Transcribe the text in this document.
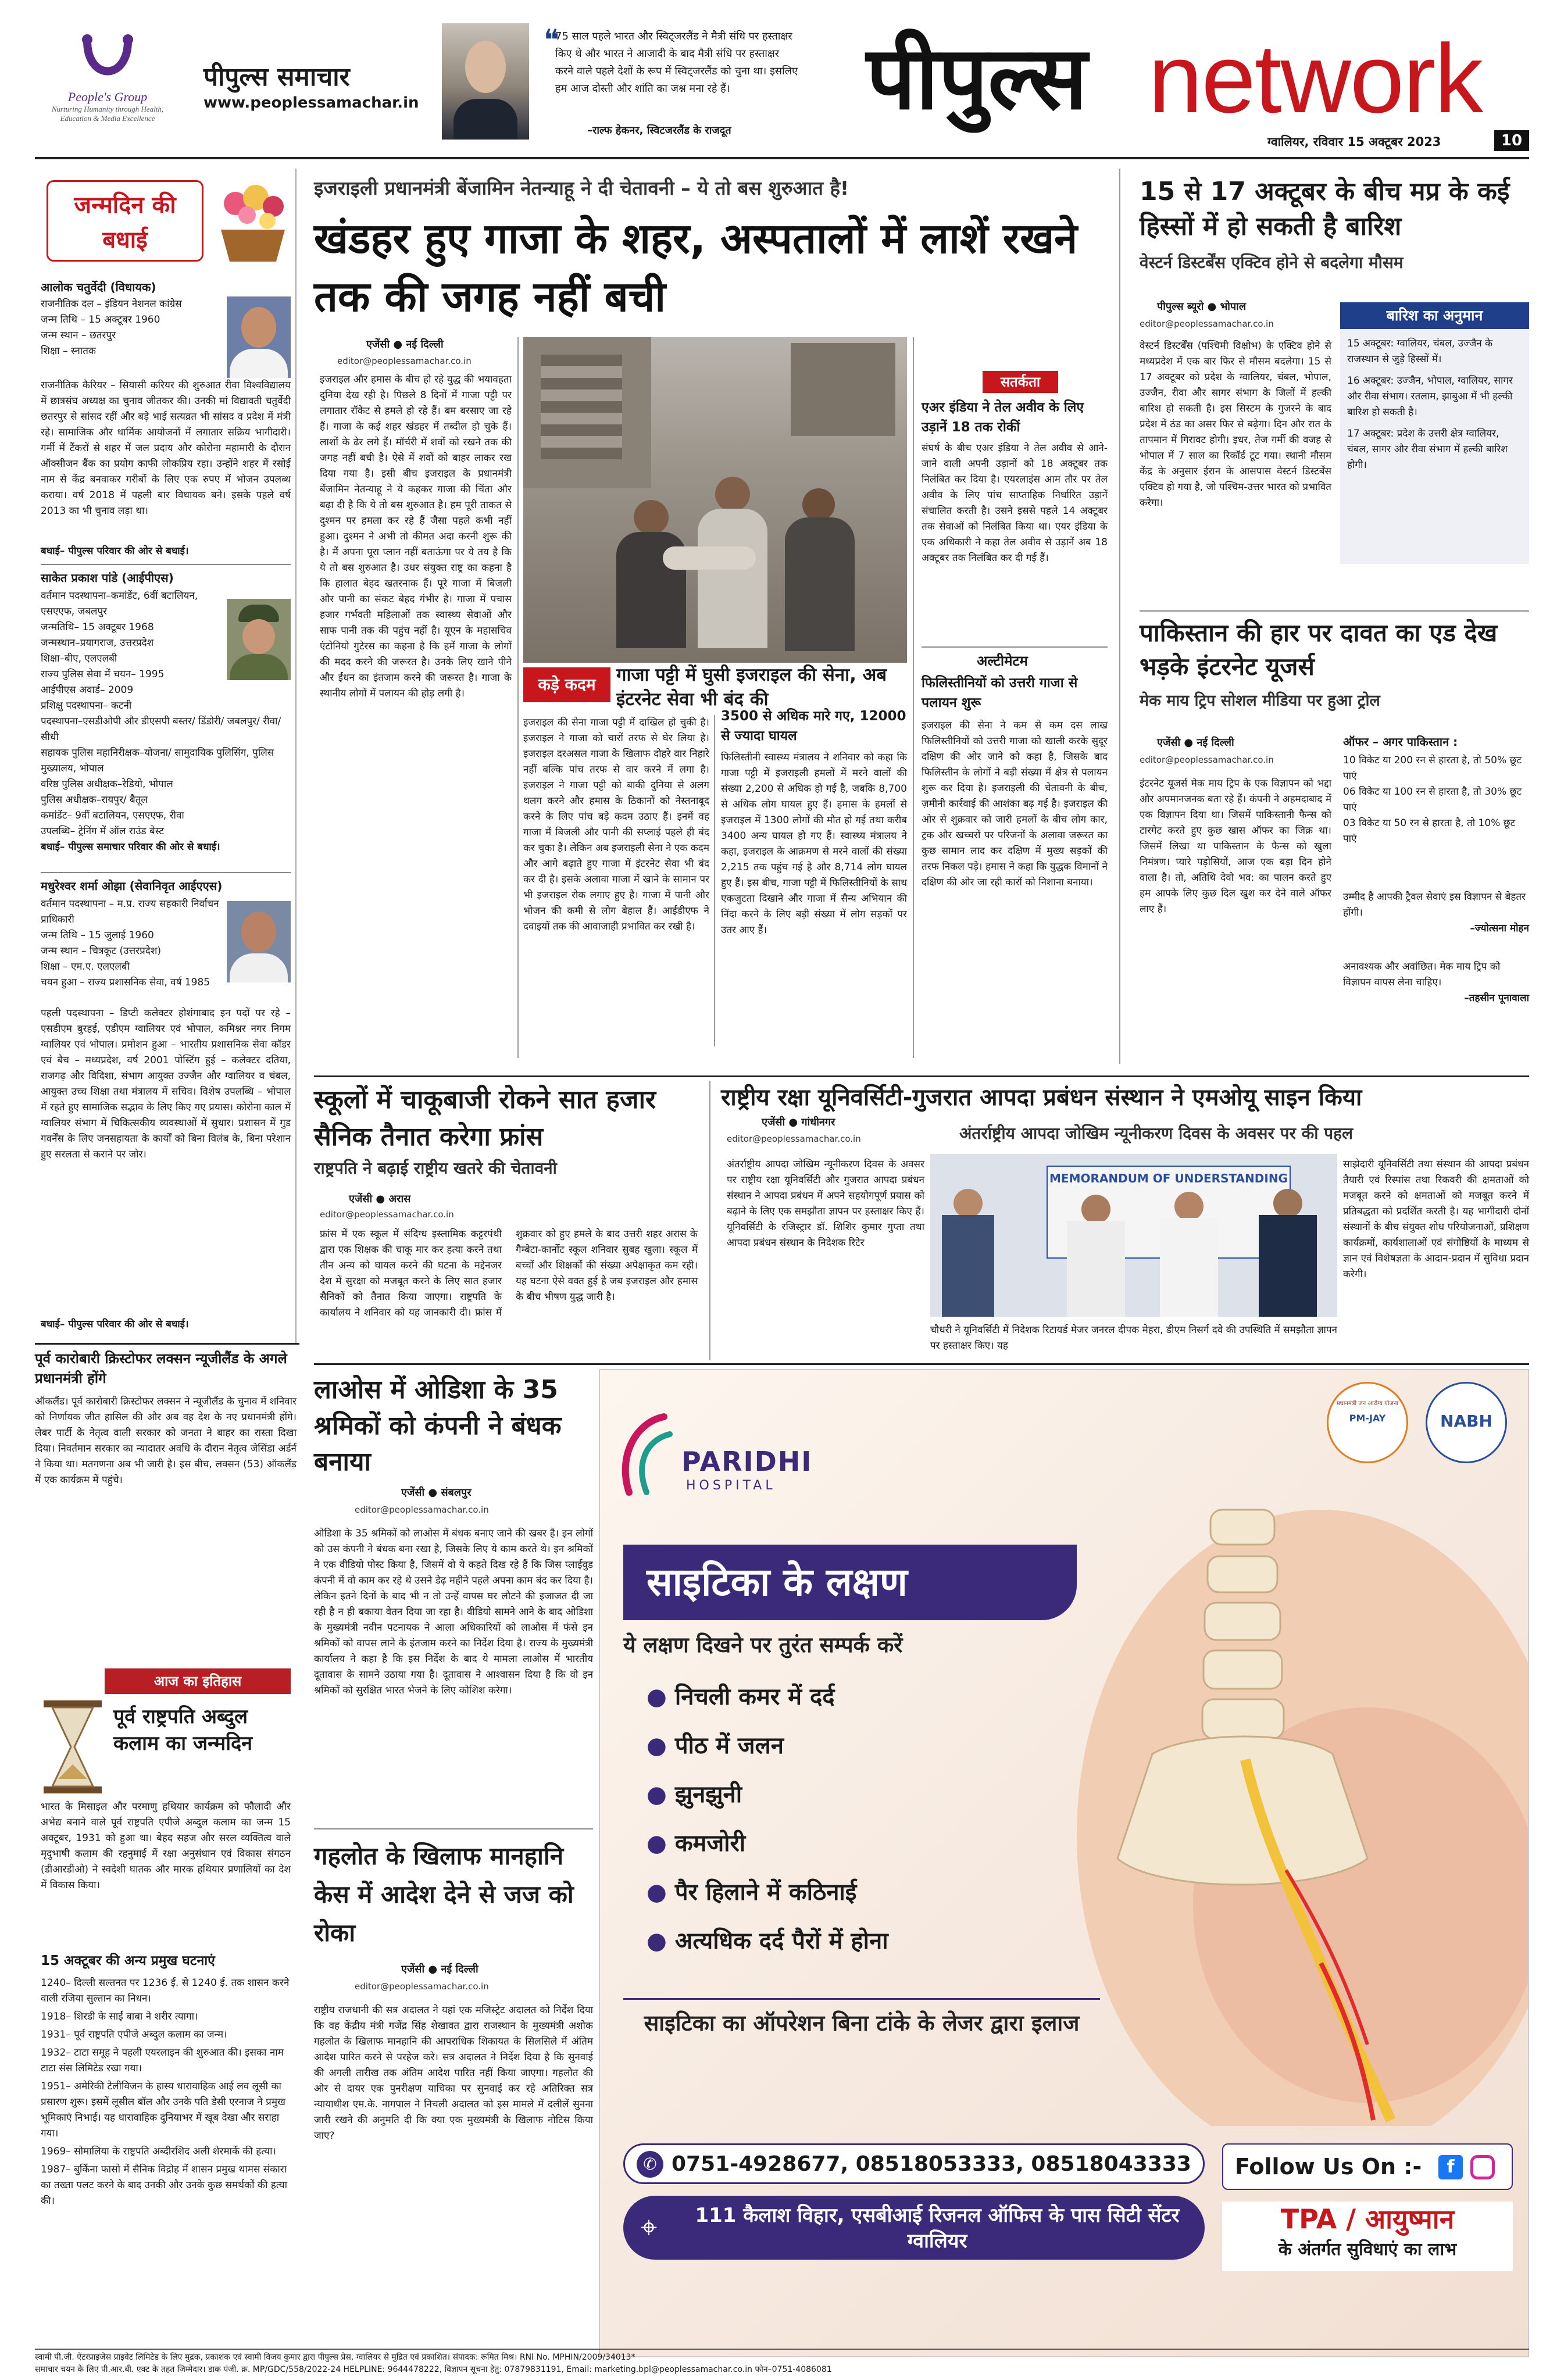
People's Group
Nurturing Humanity through Health, Education & Media Excellence
पीपुल्स समाचार
www.peoplessamachar.in
❝
75 साल पहले भारत और स्विट्जरलैंड ने मैत्री संधि पर हस्ताक्षर किए थे और भारत ने आजादी के बाद मैत्री संधि पर हस्ताक्षर करने वाले पहले देशों के रूप में स्विट्जरलैंड को चुना था। इसलिए हम आज दोस्ती और शांति का जश्न मना रहे हैं।
–राल्फ हेकनर, स्विटजरलैंड के राजदूत
पीपुल्स network
ग्वालियर, रविवार 15 अक्टूबर 2023	10
जन्मदिन की बधाई
आलोक चतुर्वेदी (विधायक)
राजनीतिक दल – इंडियन नेशनल कांग्रेस
जन्म तिथि – 15 अक्टूबर 1960
जन्म स्थान – छतरपुर
शिक्षा – स्नातक
राजनीतिक कैरियर – सियासी करियर की शुरुआत रीवा विश्वविद्यालय में छात्रसंघ अध्यक्ष का चुनाव जीतकर की। उनकी मां विद्यावती चतुर्वेदी छतरपुर से सांसद रहीं और बड़े भाई सत्यव्रत भी सांसद व प्रदेश में मंत्री रहे। सामाजिक और धार्मिक आयोजनों में लगातार सक्रिय भागीदारी। गर्मी में टैंकरों से शहर में जल प्रदाय और कोरोना महामारी के दौरान ऑक्सीजन बैंक का प्रयोग काफी लोकप्रिय रहा। उन्होंने शहर में रसोई नाम से केंद्र बनवाकर गरीबों के लिए एक रुपए में भोजन उपलब्ध कराया। वर्ष 2018 में पहली बार विधायक बने। इसके पहले वर्ष 2013 का भी चुनाव लड़ा था।
बधाई– पीपुल्स परिवार की ओर से बधाई।
साकेत प्रकाश पांडे (आईपीएस)
वर्तमान पदस्थापना–कमांडेंट, 6वीं बटालियन, एसएएफ, जबलपुर
जन्मतिथि– 15 अक्टूबर 1968
जन्मस्थान–प्रयागराज, उत्तरप्रदेश
शिक्षा–बीए, एलएलबी
राज्य पुलिस सेवा में चयन– 1995
आईपीएस अवार्ड– 2009
प्रशिक्षु पदस्थापना– कटनी
पदस्थापना–एसडीओपी और डीएसपी बस्तर/ डिंडोरी/ जबलपुर/ रीवा/ सीधी
सहायक पुलिस महानिरीक्षक–योजना/ सामुदायिक पुलिसिंग, पुलिस मुख्यालय, भोपाल
वरिष्ठ पुलिस अधीक्षक–रेडियो, भोपाल
पुलिस अधीक्षक–रायपुर/ बैतूल
कमांडेंट– 9वीं बटालियन, एसएएफ, रीवा
उपलब्धि– ट्रेनिंग में ऑल राउंड बेस्ट
बधाई– पीपुल्स समाचार परिवार की ओर से बधाई।
मधुरेश्वर शर्मा ओझा (सेवानिवृत आईएएस)
वर्तमान पदस्थापना – म.प्र. राज्य सहकारी निर्वाचन प्राधिकारी
जन्म तिथि – 15 जुलाई 1960
जन्म स्थान – चित्रकूट (उत्तरप्रदेश)
शिक्षा – एम.ए. एलएलबी
चयन हुआ – राज्य प्रशासनिक सेवा, वर्ष 1985
पहली पदस्थापना – डिप्टी कलेक्टर होशंगाबाद इन पदों पर रहे – एसडीएम बुरहई, एडीएम ग्वालियर एवं भोपाल, कमिश्नर नगर निगम ग्वालियर एवं भोपाल। प्रमोशन हुआ – भारतीय प्रशासनिक सेवा कॉडर एवं बैच – मध्यप्रदेश, वर्ष 2001 पोस्टिंग हुई – कलेक्टर दतिया, राजगढ़ और विदिशा, संभाग आयुक्त उज्जैन और ग्वालियर व चंबल, आयुक्त उच्च शिक्षा तथा मंत्रालय में सचिव। विशेष उपलब्धि – भोपाल में रहते हुए सामाजिक सद्भाव के लिए किए गए प्रयास। कोरोना काल में ग्वालियर संभाग में चिकित्सकीय व्यवस्थाओं में सुधार। प्रशासन में गुड गवर्नेंस के लिए जनसहायता के कार्यों को बिना विलंब के, बिना परेशान हुए सरलता से कराने पर जोर।
बधाई– पीपुल्स परिवार की ओर से बधाई।
पूर्व कारोबारी क्रिस्टोफर लक्सन न्यूजीलैंड के अगले प्रधानमंत्री होंगे
ऑकलैंड। पूर्व कारोबारी क्रिस्टोफर लक्सन ने न्यूजीलैंड के चुनाव में शनिवार को निर्णायक जीत हासिल की और अब वह देश के नए प्रधानमंत्री होंगे। लेबर पार्टी के नेतृत्व वाली सरकार को जनता ने बाहर का रास्ता दिखा दिया। निवर्तमान सरकार का न्यादातर अवधि के दौरान नेतृत्व जेसिंडा अर्डर्न ने किया था। मतगणना अब भी जारी है। इस बीच, लक्सन (53) ऑकलैंड में एक कार्यक्रम में पहुंचे।
आज का इतिहास
पूर्व राष्ट्रपति अब्दुल कलाम का जन्मदिन
भारत के मिसाइल और परमाणु हथियार कार्यक्रम को फौलादी और अभेद्य बनाने वाले पूर्व राष्ट्रपति एपीजे अब्दुल कलाम का जन्म 15 अक्टूबर, 1931 को हुआ था। बेहद सहज और सरल व्यक्तित्व वाले मृदुभाषी कलाम की रहनुमाई में रक्षा अनुसंधान एवं विकास संगठन (डीआरडीओ) ने स्वदेशी घातक और मारक हथियार प्रणालियों का देश में विकास किया।
15 अक्टूबर की अन्य प्रमुख घटनाएं
1240– दिल्ली सल्तनत पर 1236 ई. से 1240 ई. तक शासन करने वाली रजिया सुल्तान का निधन।
1918– शिरडी के साईं बाबा ने शरीर त्यागा।
1931– पूर्व राष्ट्रपति एपीजे अब्दुल कलाम का जन्म।
1932– टाटा समूह ने पहली एयरलाइन की शुरुआत की। इसका नाम टाटा संस लिमिटेड रखा गया।
1951– अमेरिकी टेलीविजन के हास्य धारावाहिक आई लव लूसी का प्रसारण शुरू। इसमें लूसील बॉल और उनके पति डेसी एरनाज ने प्रमुख भूमिकाएं निभाई। यह धारावाहिक दुनियाभर में खूब देखा और सराहा गया।
1969– सोमालिया के राष्ट्रपति अब्दीरशिद अली शेरमार्के की हत्या।
1987– बुर्किना फासो में सैनिक विद्रोह में शासन प्रमुख थामस संकारा का तख्ता पलट करने के बाद उनकी और उनके कुछ समर्थकों की हत्या की।
इजराइली प्रधानमंत्री बेंजामिन नेतन्याहू ने दी चेतावनी – ये तो बस शुरुआत है!
खंडहर हुए गाजा के शहर, अस्पतालों में लाशें रखने तक की जगह नहीं बची
एजेंसी ● नई दिल्ली
editor@peoplessamachar.co.in
इजराइल और हमास के बीच हो रहे युद्ध की भयावहता दुनिया देख रही है। पिछले 8 दिनों में गाजा पट्टी पर लगातार रॉकेट से हमले हो रहे हैं। बम बरसाए जा रहे हैं। गाजा के कई शहर खंडहर में तब्दील हो चुके हैं। लाशों के ढेर लगे हैं। मॉर्चरी में शवों को रखने तक की जगह नहीं बची है। ऐसे में शवों को बाहर लाकर रख दिया गया है। इसी बीच इजराइल के प्रधानमंत्री बेंजामिन नेतन्याहू ने ये कहकर गाजा की चिंता और बढ़ा दी है कि ये तो बस शुरुआत है। हम पूरी ताकत से दुश्मन पर हमला कर रहे हैं जैसा पहले कभी नहीं हुआ। दुश्मन ने अभी तो कीमत अदा करनी शुरू की है। मैं अपना पूरा प्लान नहीं बताऊंगा पर ये तय है कि ये तो बस शुरुआत है। उधर संयुक्त राष्ट्र का कहना है कि हालात बेहद खतरनाक हैं। पूरे गाजा में बिजली और पानी का संकट बेहद गंभीर है। गाजा में पचास हजार गर्भवती महिलाओं तक स्वास्थ्य सेवाओं और साफ पानी तक की पहुंच नहीं है। यूएन के महासचिव एंटोनियो गुटेरस का कहना है कि हमें गाजा के लोगों की मदद करने की जरूरत है। उनके लिए खाने पीने और ईंधन का इंतजाम करने की जरूरत है। गाजा के स्थानीय लोगों में पलायन की होड़ लगी है।	कड़े कदम	गाजा पट्टी में घुसी इजराइल की सेना, अब इंटरनेट सेवा भी बंद की
इजराइल की सेना गाजा पट्टी में दाखिल हो चुकी है। इजराइल ने गाजा को चारों तरफ से घेर लिया है। इजराइल दरअसल गाजा के खिलाफ दोहरे वार निहारे नहीं बल्कि पांच तरफ से वार करने में लगा है। इजराइल ने गाजा पट्टी को बाकी दुनिया से अलग थलग करने और हमास के ठिकानों को नेस्तनाबूद करने के लिए पांच बड़े कदम उठाए हैं। इनमें वह गाजा में बिजली और पानी की सप्लाई पहले ही बंद कर चुका है। लेकिन अब इजराइली सेना ने एक कदम और आगे बढ़ाते हुए गाजा में इंटरनेट सेवा भी बंद कर दी है। इसके अलावा गाजा में खाने के सामान पर भी इजराइल रोक लगाए हुए है। गाजा में पानी और भोजन की कमी से लोग बेहाल हैं। आईडीएफ ने दवाइयों तक की आवाजाही प्रभावित कर रखी है।
3500 से अधिक मारे गए, 12000 से ज्यादा घायल
फिलिस्तीनी स्वास्थ्य मंत्रालय ने शनिवार को कहा कि गाजा पट्टी में इजराइली हमलों में मरने वालों की संख्या 2,200 से अधिक हो गई है, जबकि 8,700 से अधिक लोग घायल हुए हैं। हमास के हमलों से इजराइल में 1300 लोगों की मौत हो गई तथा करीब 3400 अन्य घायल हो गए हैं। स्वास्थ्य मंत्रालय ने कहा, इजराइल के आक्रमण से मरने वालों की संख्या 2,215 तक पहुंच गई है और 8,714 लोग घायल हुए हैं। इस बीच, गाजा पट्टी में फिलिस्तीनियों के साथ एकजुटता दिखाने और गाजा में सैन्य अभियान की निंदा करने के लिए बड़ी संख्या में लोग सड़कों पर उतर आए हैं।
सतर्कता
एअर इंडिया ने तेल अवीव के लिए उड़ानें 18 तक रोकीं
संघर्ष के बीच एअर इंडिया ने तेल अवीव से आने-जाने वाली अपनी उड़ानों को 18 अक्टूबर तक निलंबित कर दिया है। एयरलाइंस आम तौर पर तेल अवीव के लिए पांच साप्ताहिक निर्धारित उड़ानें संचालित करती है। उसने इससे पहले 14 अक्टूबर तक सेवाओं को निलंबित किया था। एयर इंडिया के एक अधिकारी ने कहा तेल अवीव से उड़ानें अब 18 अक्टूबर तक निलंबित कर दी गई हैं।
अल्टीमेटम
फिलिस्तीनियों को उत्तरी गाजा से पलायन शुरू
इजराइल की सेना ने कम से कम दस लाख फिलिस्तीनियों को उत्तरी गाजा को खाली करके सुदूर दक्षिण की ओर जाने को कहा है, जिसके बाद फिलिस्तीन के लोगों ने बड़ी संख्या में क्षेत्र से पलायन शुरू कर दिया है। इजराइली की चेतावनी के बीच, ज़मीनी कार्रवाई की आशंका बढ़ गई है। इजराइल की ओर से शुक्रवार को जारी हमलों के बीच लोग कार, ट्रक और खच्चरों पर परिजनों के अलावा जरूरत का कुछ सामान लाद कर दक्षिण में मुख्य सड़कों की तरफ निकल पड़े। हमास ने कहा कि युद्धक विमानों ने दक्षिण की ओर जा रही कारों को निशाना बनाया।
15 से 17 अक्टूबर के बीच मप्र के कई हिस्सों में हो सकती है बारिश
वेस्टर्न डिस्टर्बेंस एक्टिव होने से बदलेगा मौसम
पीपुल्स ब्यूरो ● भोपाल
editor@peoplessamachar.co.in
वेस्टर्न डिस्टर्बेंस (पश्चिमी विक्षोभ) के एक्टिव होने से मध्यप्रदेश में एक बार फिर से मौसम बदलेगा। 15 से 17 अक्टूबर को प्रदेश के ग्वालियर, चंबल, भोपाल, उज्जैन, रीवा और सागर संभाग के जिलों में हल्की बारिश हो सकती है। इस सिस्टम के गुजरने के बाद प्रदेश में ठंड का असर फिर से बढ़ेगा। दिन और रात के तापमान में गिरावट होगी। इधर, तेज गर्मी की वजह से भोपाल में 7 साल का रिकॉर्ड टूट गया। स्थानी मौसम केंद्र के अनुसार ईरान के आसपास वेस्टर्न डिस्टर्बेंस एक्टिव हो गया है, जो पश्चिम-उत्तर भारत को प्रभावित करेगा।
बारिश का अनुमान
15 अक्टूबर: ग्वालियर, चंबल, उज्जैन के राजस्थान से जुड़े हिस्सों में।
16 अक्टूबर: उज्जैन, भोपाल, ग्वालियर, सागर और रीवा संभाग। रतलाम, झाबुआ में भी हल्की बारिश हो सकती है।
17 अक्टूबर: प्रदेश के उत्तरी क्षेत्र ग्वालियर, चंबल, सागर और रीवा संभाग में हल्की बारिश होगी।
पाकिस्तान की हार पर दावत का एड देख भड़के इंटरनेट यूजर्स
मेक माय ट्रिप सोशल मीडिया पर हुआ ट्रोल
एजेंसी ● नई दिल्ली
editor@peoplessamachar.co.in
इंटरनेट यूजर्स मेक माय ट्रिप के एक विज्ञापन को भद्दा और अपमानजनक बता रहे हैं। कंपनी ने अहमदाबाद में एक विज्ञापन दिया था। जिसमें पाकिस्तानी फैन्स को टारगेट करते हुए कुछ खास ऑफर का जिक्र था। जिसमें लिखा था पाकिस्तान के फैन्स को खुला निमंत्रण। प्यारे पड़ोसियों, आज एक बड़ा दिन होने वाला है। तो, अतिथि देवो भव: का पालन करते हुए हम आपके लिए कुछ दिल खुश कर देने वाले ऑफर लाए हैं।
ऑफर – अगर पाकिस्तान :
10 विकेट या 200 रन से हारता है, तो 50% छूट पाएं
06 विकेट या 100 रन से हारता है, तो 30% छूट पाएं
03 विकेट या 50 रन से हारता है, तो 10% छूट पाएं
उम्मीद है आपकी ट्रैवल सेवाएं इस विज्ञापन से बेहतर होंगी।
–ज्योत्सना मोहन
अनावश्यक और अवांछित। मेक माय ट्रिप को विज्ञापन वापस लेना चाहिए।
–तहसीन पूनावाला
स्कूलों में चाकूबाजी रोकने सात हजार सैनिक तैनात करेगा फ्रांस
राष्ट्रपति ने बढ़ाई राष्ट्रीय खतरे की चेतावनी
एजेंसी ● अरास
editor@peoplessamachar.co.in
फ्रांस में एक स्कूल में संदिग्ध इस्लामिक कट्टरपंथी द्वारा एक शिक्षक की चाकू मार कर हत्या करने तथा तीन अन्य को घायल करने की घटना के मद्देनजर देश में सुरक्षा को मजबूत करने के लिए सात हजार सैनिकों को तैनात किया जाएगा। राष्ट्रपति के कार्यालय ने शनिवार को यह जानकारी दी। फ्रांस में शुक्रवार को हुए हमले के बाद उत्तरी शहर अरास के गैम्बेटा-कार्नोट स्कूल शनिवार सुबह खुला। स्कूल में बच्चों और शिक्षकों की संख्या अपेक्षाकृत कम रही। यह घटना ऐसे वक्त हुई है जब इजराइल और हमास के बीच भीषण युद्ध जारी है।
राष्ट्रीय रक्षा यूनिवर्सिटी-गुजरात आपदा प्रबंधन संस्थान ने एमओयू साइन किया
अंतर्राष्ट्रीय आपदा जोखिम न्यूनीकरण दिवस के अवसर पर की पहल
एजेंसी ● गांधीनगर
editor@peoplessamachar.co.in
अंतर्राष्ट्रीय आपदा जोखिम न्यूनीकरण दिवस के अवसर पर राष्ट्रीय रक्षा यूनिवर्सिटी और गुजरात आपदा प्रबंधन संस्थान ने आपदा प्रबंधन में अपने सहयोगपूर्ण प्रयास को बढ़ाने के लिए एक समझौता ज्ञापन पर हस्ताक्षर किए हैं। यूनिवर्सिटी के रजिस्ट्रार डॉ. शिशिर कुमार गुप्ता तथा आपदा प्रबंधन संस्थान के निदेशक रिटेर
MEMORANDUM OF UNDERSTANDING
चौधरी ने यूनिवर्सिटी में निदेशक रिटायर्ड मेजर जनरल दीपक मेहरा, डीएम निसर्ग दवे की उपस्थिति में समझौता ज्ञापन पर हस्ताक्षर किए। यह
साझेदारी यूनिवर्सिटी तथा संस्थान की आपदा प्रबंधन तैयारी एवं रिस्पांस तथा रिकवरी की क्षमताओं को मजबूत करने को क्षमताओं को मजबूत करने में प्रतिबद्धता को प्रदर्शित करती है। यह भागीदारी दोनों संस्थानों के बीच संयुक्त शोध परियोजनाओं, प्रशिक्षण कार्यक्रमों, कार्यशालाओं एवं संगोष्ठियों के माध्यम से ज्ञान एवं विशेषज्ञता के आदान-प्रदान में सुविधा प्रदान करेगी।
लाओस में ओडिशा के 35 श्रमिकों को कंपनी ने बंधक बनाया
एजेंसी ● संबलपुर
editor@peoplessamachar.co.in
ओडिशा के 35 श्रमिकों को लाओस में बंधक बनाए जाने की खबर है। इन लोगों को उस कंपनी ने बंधक बना रखा है, जिसके लिए ये काम करते थे। इन श्रमिकों ने एक वीडियो पोस्ट किया है, जिसमें वो ये कहते दिख रहे हैं कि जिस प्लाईवुड कंपनी में वो काम कर रहे थे उसने डेढ़ महीने पहले अपना काम बंद कर दिया है। लेकिन इतने दिनों के बाद भी न तो उन्हें वापस घर लौटने की इजाजत दी जा रही है न ही बकाया वेतन दिया जा रहा है। वीडियो सामने आने के बाद ओडिशा के मुख्यमंत्री नवीन पटनायक ने आला अधिकारियों को लाओस में फंसे इन श्रमिकों को वापस लाने के इंतजाम करने का निर्देश दिया है। राज्य के मुख्यमंत्री कार्यालय ने कहा है कि इस निर्देश के बाद ये मामला लाओस में भारतीय दूतावास के सामने उठाया गया है। दूतावास ने आश्वासन दिया है कि वो इन श्रमिकों को सुरक्षित भारत भेजने के लिए कोशिश करेगा।
गहलोत के खिलाफ मानहानि केस में आदेश देने से जज को रोका
एजेंसी ● नई दिल्ली
editor@peoplessamachar.co.in
राष्ट्रीय राजधानी की सत्र अदालत ने यहां एक मजिस्ट्रेट अदालत को निर्देश दिया कि वह केंद्रीय मंत्री गजेंद्र सिंह शेखावत द्वारा राजस्थान के मुख्यमंत्री अशोक गहलोत के खिलाफ मानहानि की आपराधिक शिकायत के सिलसिले में अंतिम आदेश पारित करने से परहेज करे। सत्र अदालत ने निर्देश दिया है कि सुनवाई की अगली तारीख तक अंतिम आदेश पारित नहीं किया जाएगा। गहलोत की ओर से दायर एक पुनरीक्षण याचिका पर सुनवाई कर रहे अतिरिक्त सत्र न्यायाधीश एम.के. नागपाल ने निचली अदालत को इस मामले में दलीलें सुनना जारी रखने की अनुमति दी कि क्या एक मुख्यमंत्री के खिलाफ नोटिस किया जाए?
PARIDHI
HOSPITAL
प्रधानमंत्री जन आरोग्य योजना
PM-JAY	NABH
साइटिका के लक्षण
ये लक्षण दिखने पर तुरंत सम्पर्क करें
● निचली कमर में दर्द
● पीठ में जलन
● झुनझुनी
● कमजोरी
● पैर हिलाने में कठिनाई
● अत्यधिक दर्द पैरों में होना
साइटिका का ऑपरेशन बिना टांके के लेजर द्वारा इलाज
✆ 0751-4928677, 08518053333, 08518043333
⌖	111 कैलाश विहार, एसबीआई रिजनल ऑफिस के पास सिटी सेंटर ग्वालियर
Follow Us On :-	f
TPA / आयुष्मान
के अंतर्गत सुविधाएं का लाभ
स्वामी पी.जी. ऐंटरप्राइजेस प्राइवेट लिमिटेड के लिए मुद्रक, प्रकाशक एवं स्वामी विजय कुमार द्वारा पीपुल्स प्रेस, ग्वालियर से मुद्रित एवं प्रकाशित। संपादक: रूमित मिश्र। RNI No. MPHIN/2009/34013*
समाचार चयन के लिए पी.आर.बी. एक्ट के तहत जिम्मेदार। डाक पंजी. क्र. MP/GDC/558/2022-24 HELPLINE: 9644478222, विज्ञापन सूचना हेतु: 07879831191, Email: marketing.bpl@peoplessamachar.co.in फोन–0751-4086081
